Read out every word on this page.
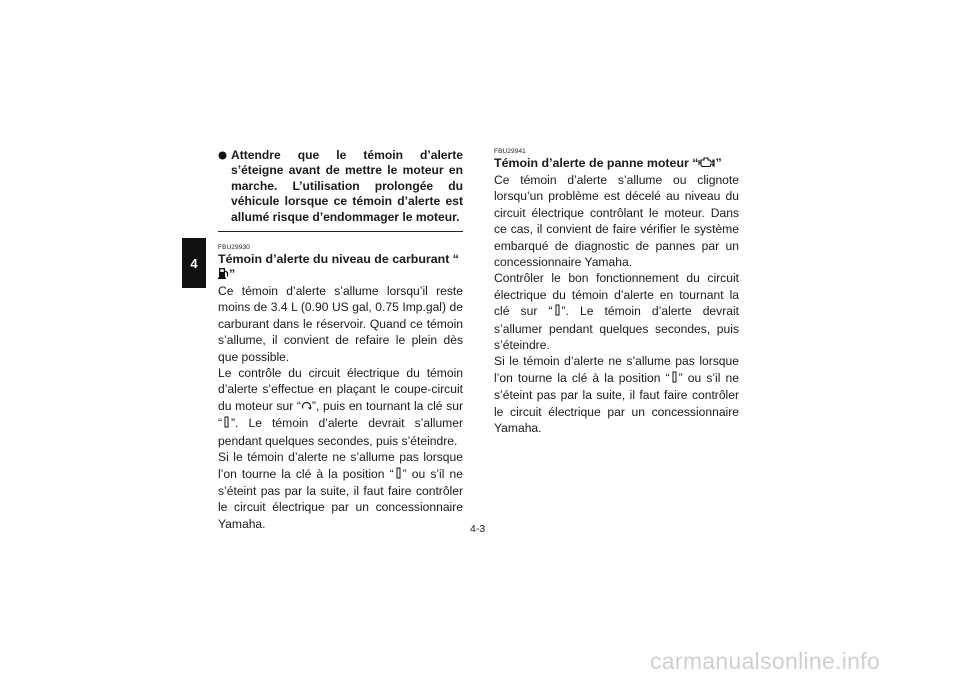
4
Attendre que le témoin d’alerte s’éteigne avant de mettre le moteur en marche. L’utilisation prolongée du véhicule lorsque ce témoin d’alerte est allumé risque d’endommager le moteur.
FBU29930
Témoin d’alerte du niveau de carburant “”

Ce témoin d’alerte s’allume lorsqu’il reste moins de 3.4 L (0.90 US gal, 0.75 Imp.gal) de carburant dans le réservoir. Quand ce témoin s’allume, il convient de refaire le plein dès que possible.

Le contrôle du circuit électrique du témoin d’alerte s’effectue en plaçant le coupe-circuit du moteur sur “ ”, puis en tournant la clé sur “ ”. Le témoin d’alerte devrait s’allumer pendant quelques secondes, puis s’éteindre.

Si le témoin d’alerte ne s’allume pas lorsque l’on tourne la clé à la position “ ” ou s’il ne s’éteint pas par la suite, il faut faire contrôler le circuit électrique par un concessionnaire Yamaha.

FBU29941
Témoin d’alerte de panne moteur “ ”

Ce témoin d’alerte s’allume ou clignote lorsqu’un problème est décelé au niveau du circuit électrique contrôlant le moteur. Dans ce cas, il convient de faire vérifier le système embarqué de diagnostic de pannes par un concessionnaire Yamaha.

Contrôler le bon fonctionnement du circuit électrique du témoin d’alerte en tournant la clé sur “ ”. Le témoin d’alerte devrait s’allumer pendant quelques secondes, puis s’éteindre.

Si le témoin d’alerte ne s’allume pas lorsque l’on tourne la clé à la position “ ” ou s’il ne s’éteint pas par la suite, il faut faire contrôler le circuit électrique par un concessionnaire Yamaha.

4-3
carmanualsonline.info
